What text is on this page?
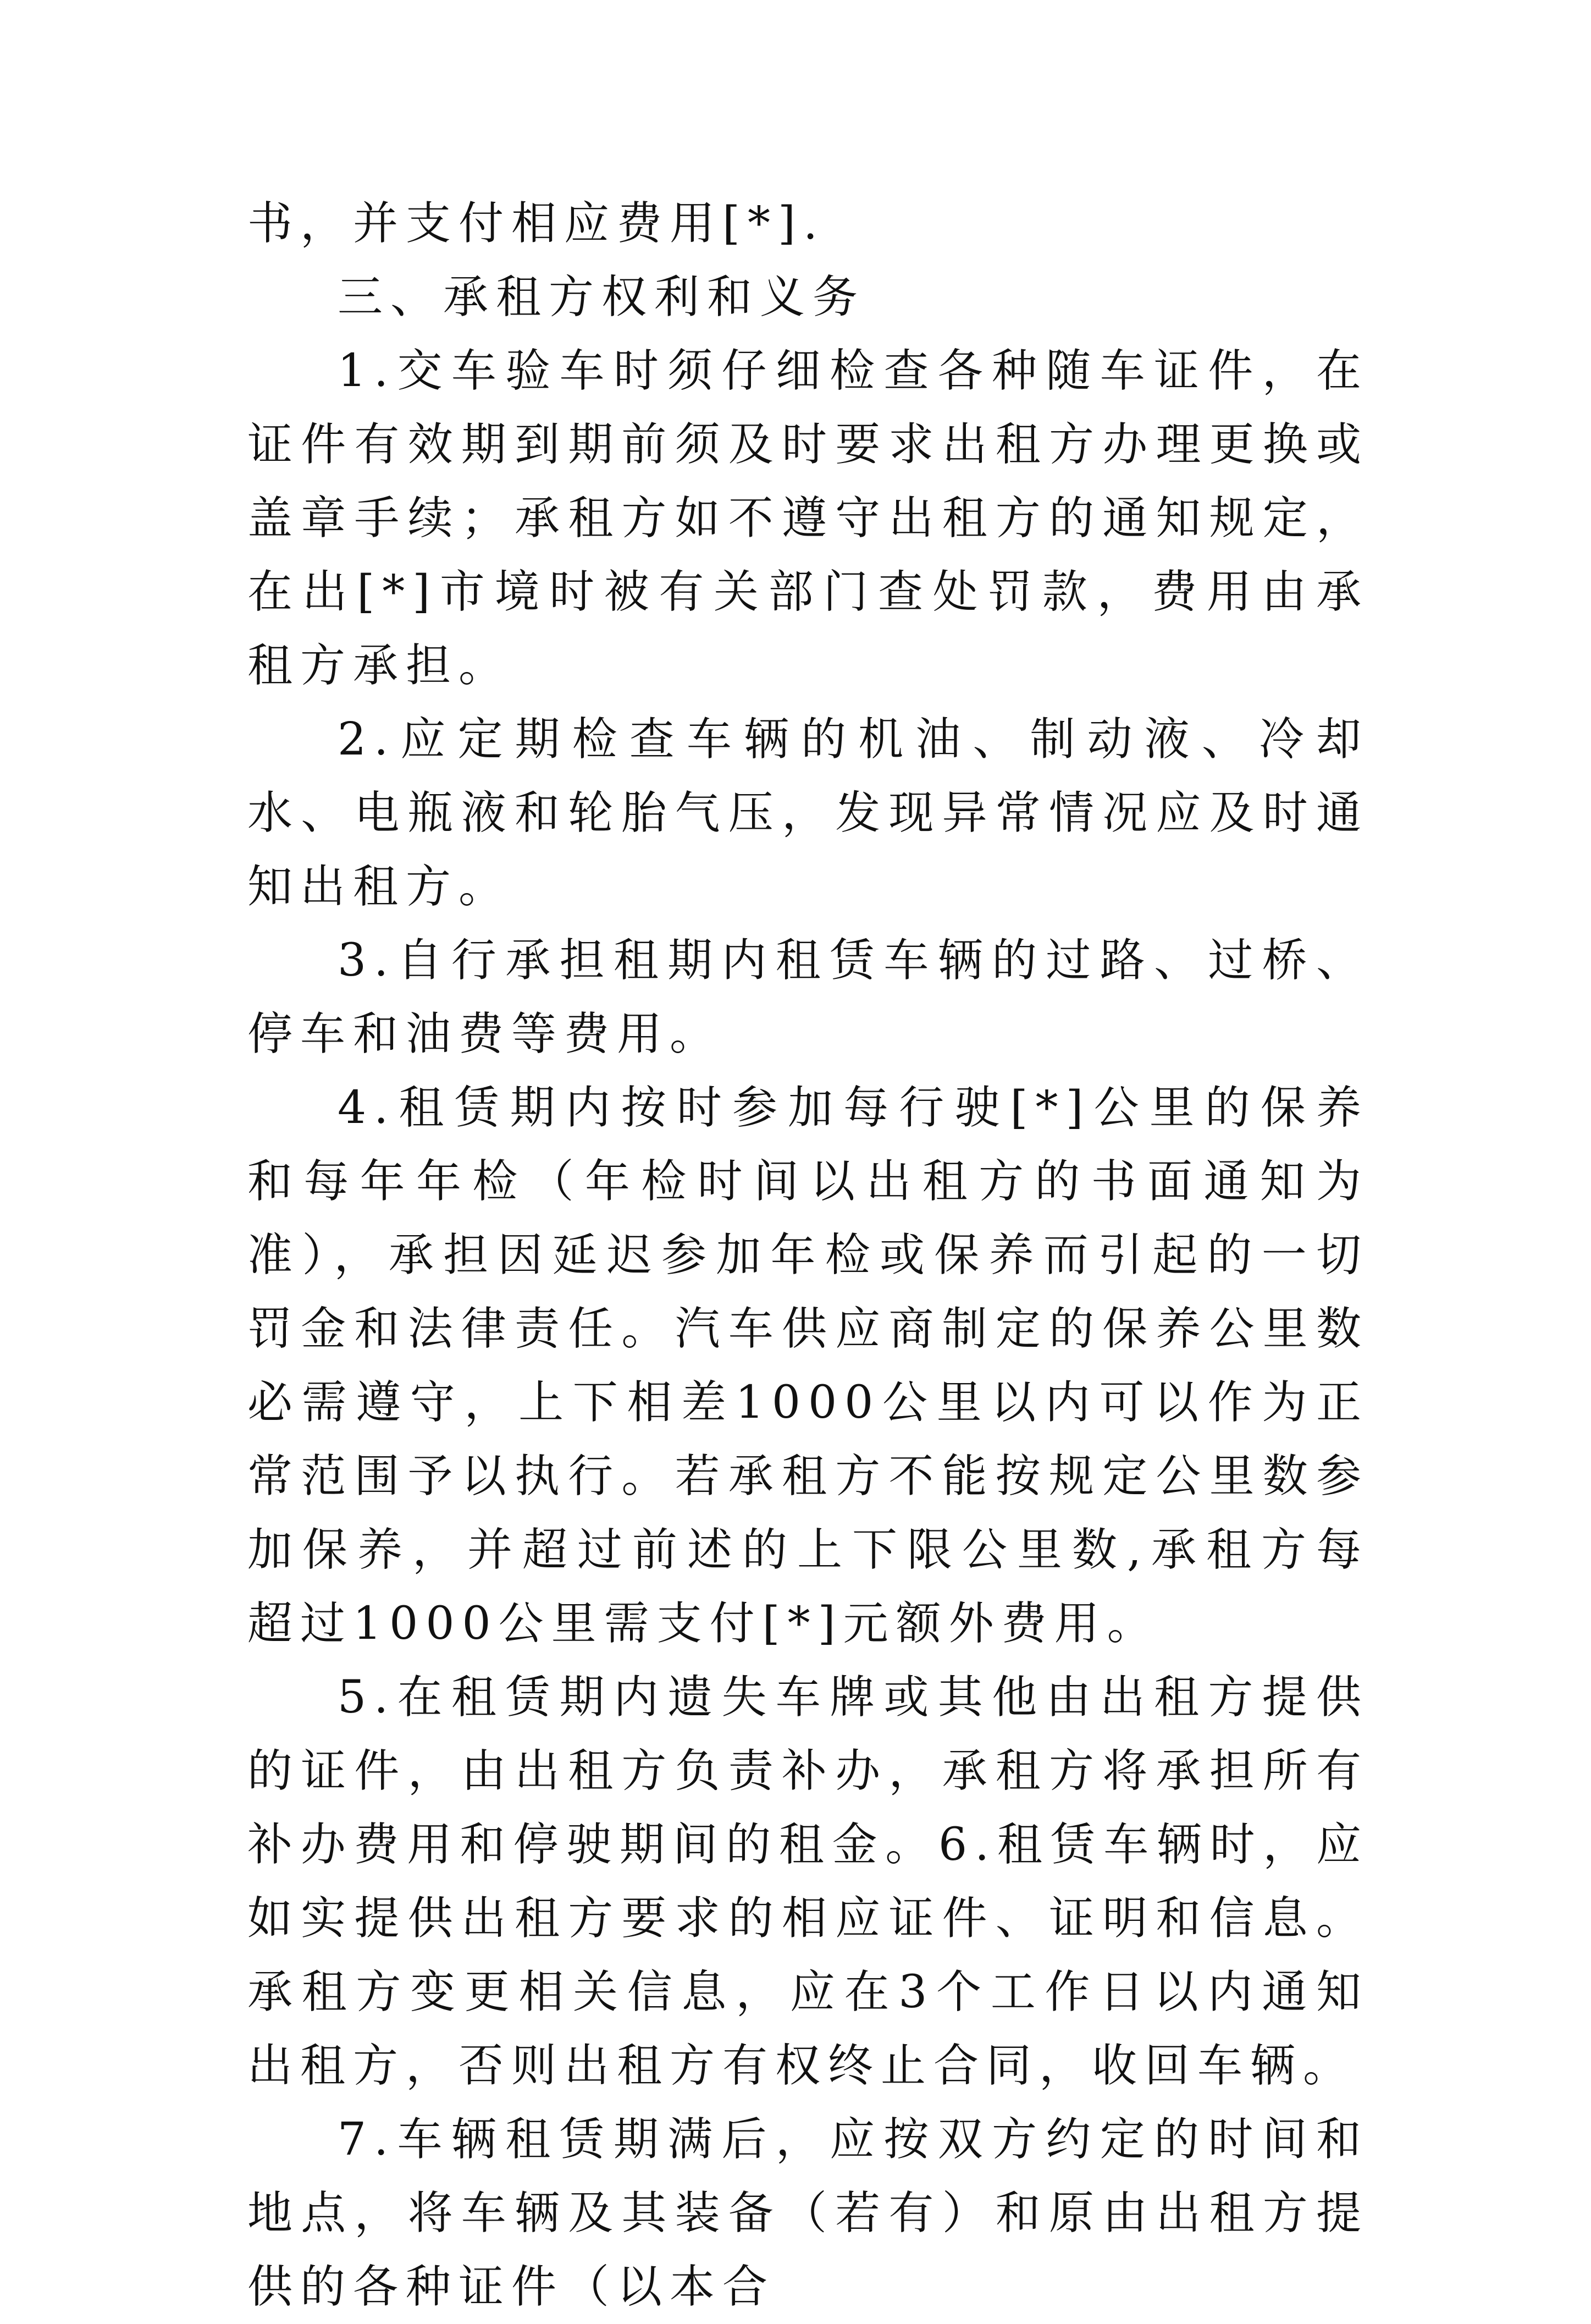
书，并支付相应费用[*].

三、承租方权利和义务

1.交车验车时须仔细检查各种随车证件，在证件有效期到期前须及时要求出租方办理更换或盖章手续；承租方如不遵守出租方的通知规定，在出[*]市境时被有关部门查处罚款，费用由承租方承担。

2.应定期检查车辆的机油、制动液、冷却水、电瓶液和轮胎气压，发现异常情况应及时通知出租方。

3.自行承担租期内租赁车辆的过路、过桥、停车和油费等费用。

4.租赁期内按时参加每行驶[*]公里的保养和每年年检（年检时间以出租方的书面通知为准），承担因延迟参加年检或保养而引起的一切罚金和法律责任。汽车供应商制定的保养公里数必需遵守，上下相差1000公里以内可以作为正常范围予以执行。若承租方不能按规定公里数参加保养，并超过前述的上下限公里数,承租方每超过1000公里需支付[*]元额外费用。

5.在租赁期内遗失车牌或其他由出租方提供的证件，由出租方负责补办，承租方将承担所有补办费用和停驶期间的租金。6.租赁车辆时，应如实提供出租方要求的相应证件、证明和信息。承租方变更相关信息，应在3个工作日以内通知出租方，否则出租方有权终止合同，收回车辆。

7.车辆租赁期满后，应按双方约定的时间和地点，将车辆及其装备（若有）和原由出租方提供的各种证件（以本合
